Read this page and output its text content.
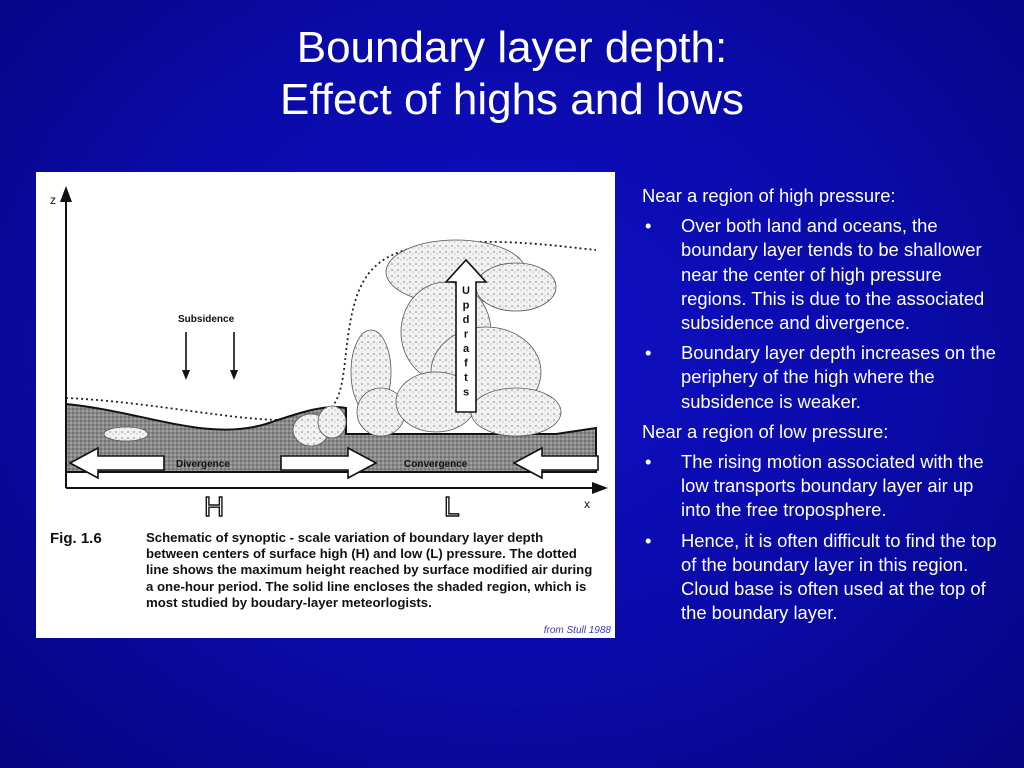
Boundary layer depth:
Effect of highs and lows
z
x
Subsidence
Divergence	Convergence
H	L
U
p
d
r
a
f
t
s
Fig. 1.6	Schematic of synoptic - scale variation of boundary layer depth between centers of surface high (H) and low (L) pressure. The dotted line shows the maximum height reached by surface modified air during a one-hour period. The solid line encloses the shaded region, which is most studied by boudary-layer meteorlogists.
from Stull 1988
Near a region of high pressure:
• Over both land and oceans, the boundary layer tends to be shallower near the center of high pressure regions. This is due to the associated subsidence and divergence.
• Boundary layer depth increases on the periphery of the high where the subsidence is weaker.
Near a region of low pressure:
• The rising motion associated with the low transports boundary layer air up into the free troposphere.
• Hence, it is often difficult to find the top of the boundary layer in this region. Cloud base is often used at the top of the boundary layer.
